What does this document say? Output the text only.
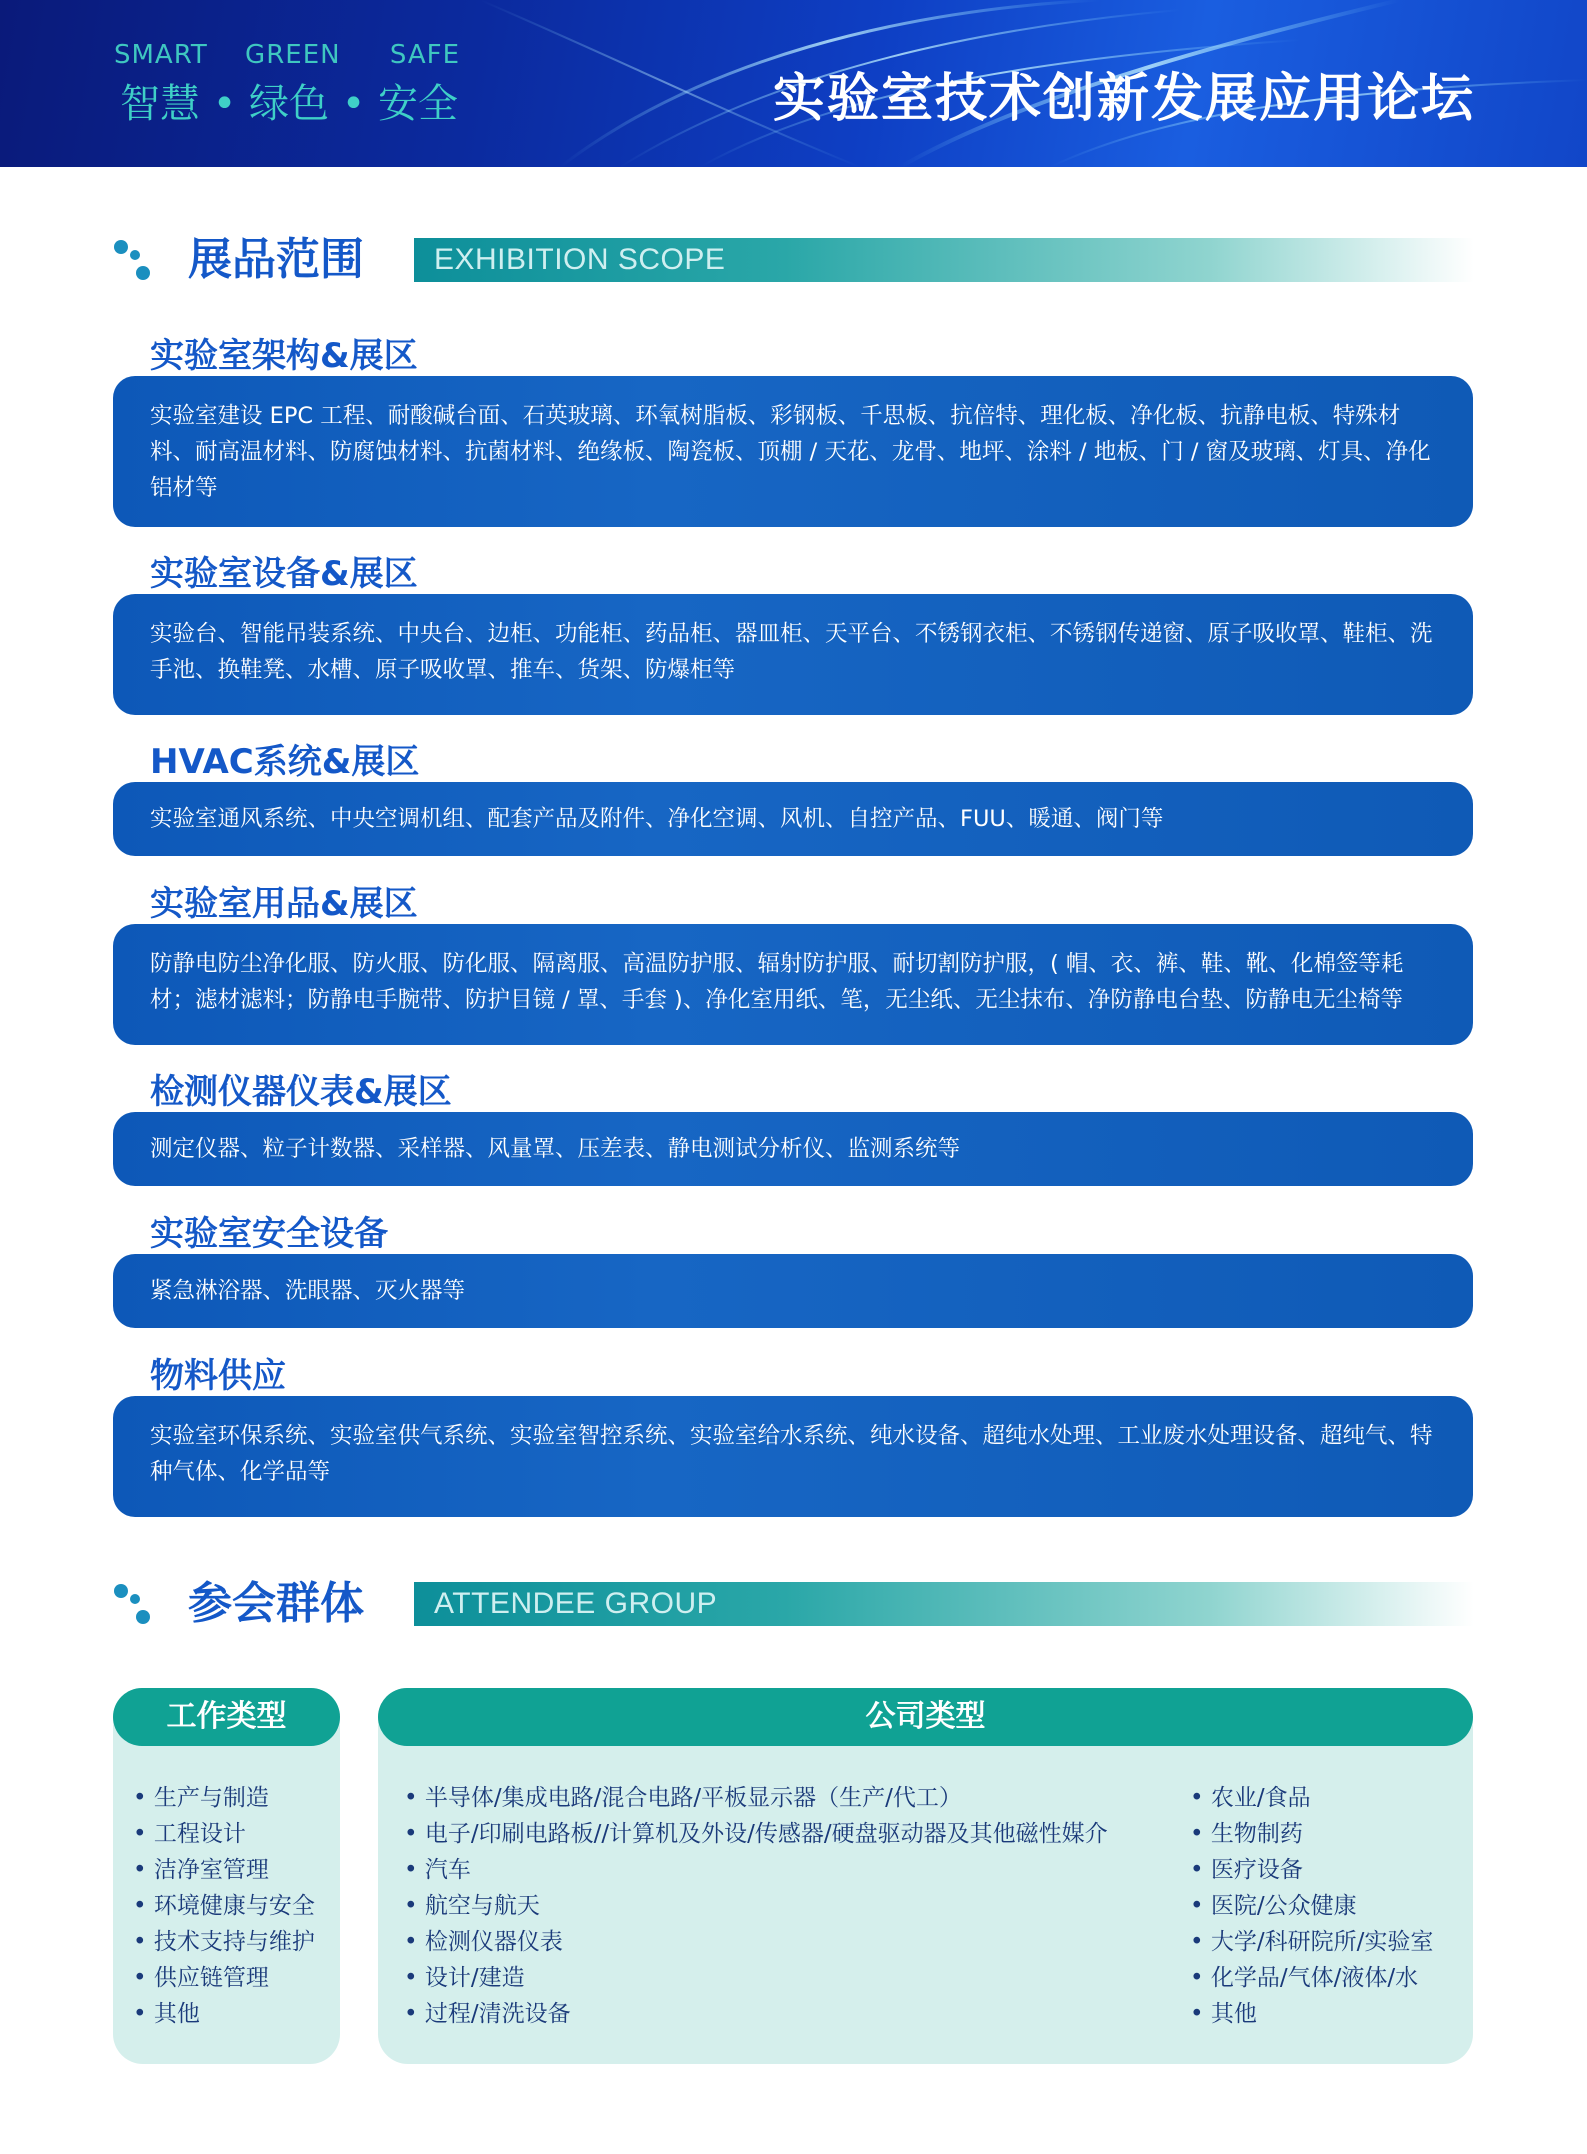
SMART GREEN SAFE
智慧 • 绿色 • 安全	实验室技术创新发展应用论坛
展品范围 EXHIBITION SCOPE
实验室架构&展区
实验室建设 EPC 工程、耐酸碱台面、石英玻璃、环氧树脂板、彩钢板、千思板、抗倍特、理化板、净化板、抗静电板、特殊材料、耐高温材料、防腐蚀材料、抗菌材料、绝缘板、陶瓷板、顶棚 / 天花、龙骨、地坪、涂料 / 地板、门 / 窗及玻璃、灯具、净化铝材等
实验室设备&展区
实验台、智能吊装系统、中央台、边柜、功能柜、药品柜、器皿柜、天平台、不锈钢衣柜、不锈钢传递窗、原子吸收罩、鞋柜、洗手池、换鞋凳、水槽、原子吸收罩、推车、货架、防爆柜等
HVAC系统&展区
实验室通风系统、中央空调机组、配套产品及附件、净化空调、风机、自控产品、FUU、暖通、阀门等
实验室用品&展区
防静电防尘净化服、防火服、防化服、隔离服、高温防护服、辐射防护服、耐切割防护服，( 帽、衣、裤、鞋、靴、化棉签等耗材；滤材滤料；防静电手腕带、防护目镜 / 罩、手套 )、净化室用纸、笔，无尘纸、无尘抹布、净防静电台垫、防静电无尘椅等
检测仪器仪表&展区
测定仪器、粒子计数器、采样器、风量罩、压差表、静电测试分析仪、监测系统等
实验室安全设备
紧急淋浴器、洗眼器、灭火器等
物料供应
实验室环保系统、实验室供气系统、实验室智控系统、实验室给水系统、纯水设备、超纯水处理、工业废水处理设备、超纯气、特种气体、化学品等
参会群体 ATTENDEE GROUP
工作类型
• 生产与制造
• 工程设计
• 洁净室管理
• 环境健康与安全
• 技术支持与维护
• 供应链管理
• 其他
公司类型
• 半导体/集成电路/混合电路/平板显示器（生产/代工）
• 电子/印刷电路板//计算机及外设/传感器/硬盘驱动器及其他磁性媒介
• 汽车
• 航空与航天
• 检测仪器仪表
• 设计/建造
• 过程/清洗设备
• 农业/食品
• 生物制药
• 医疗设备
• 医院/公众健康
• 大学/科研院所/实验室
• 化学品/气体/液体/水
• 其他
